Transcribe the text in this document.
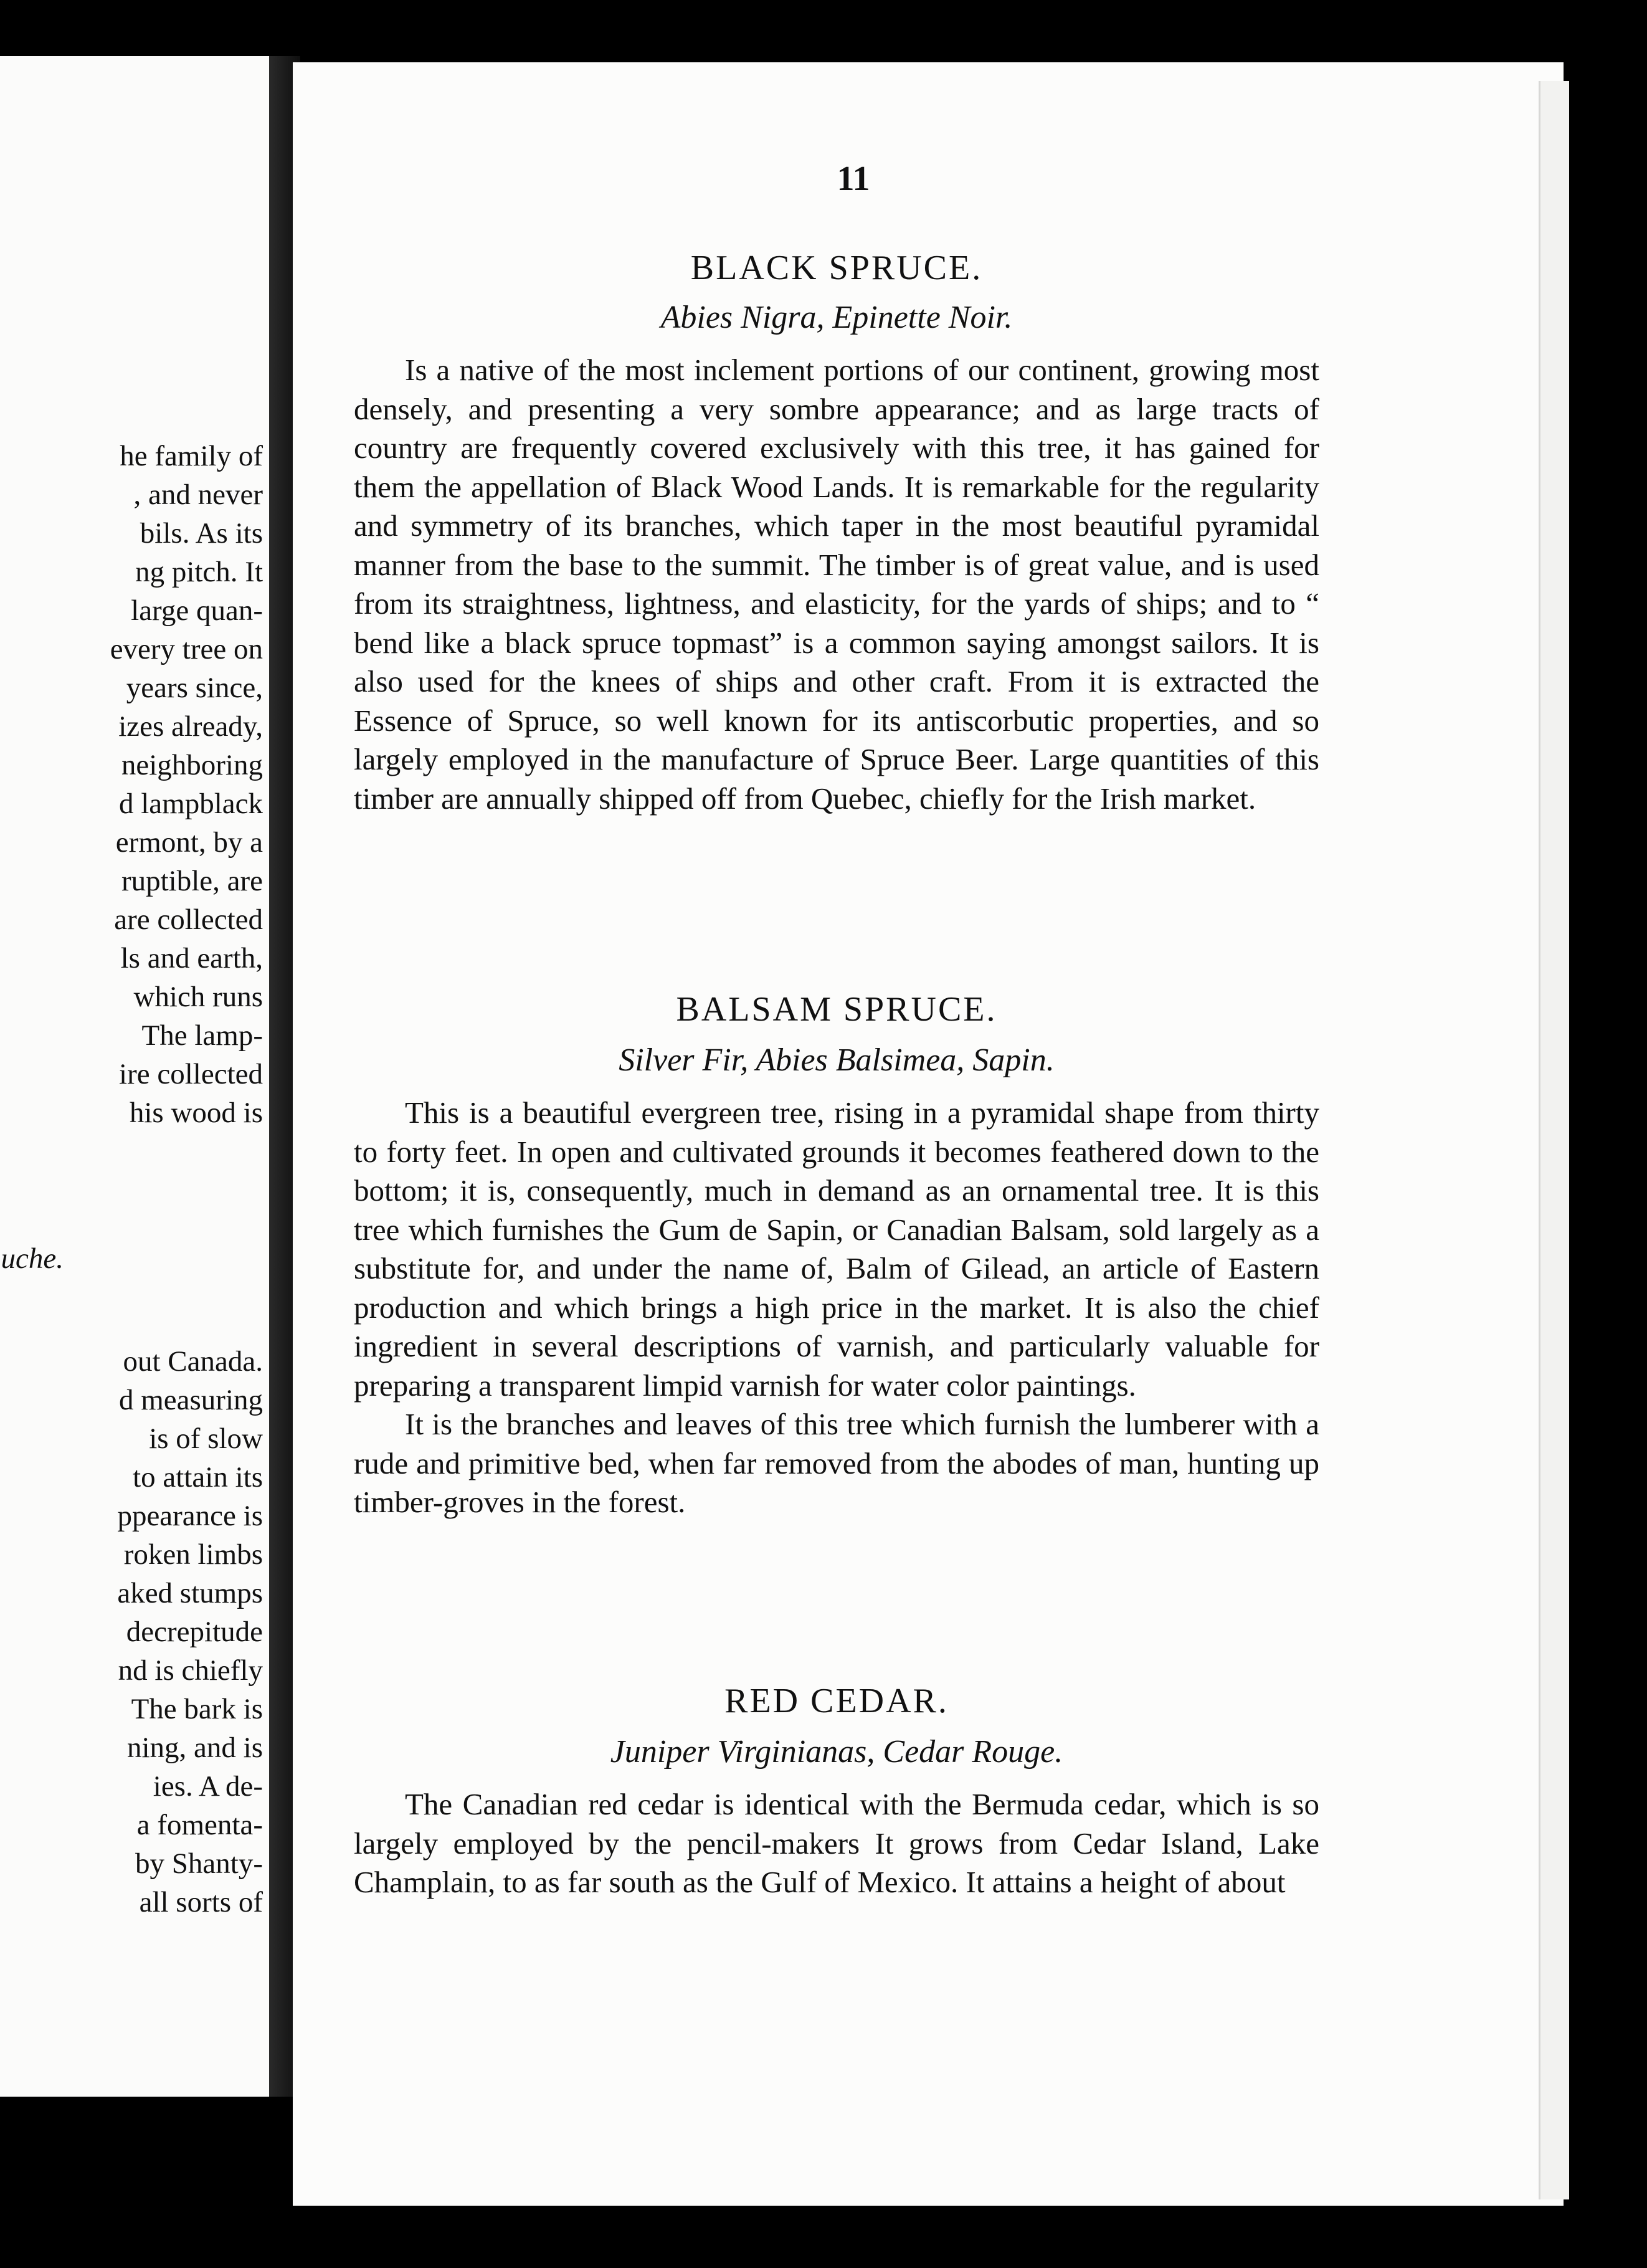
he family of
, and never
bils. As its
ng pitch. It
large quan-
every tree on
years since,
izes already,
neighboring
d lampblack
ermont, by a
ruptible, are
are collected
ls and earth,
which runs
The lamp-
ire collected
his wood is
uche.
out Canada.
d measuring
is of slow
to attain its
ppearance is
roken limbs
aked stumps
decrepitude
nd is chiefly
The bark is
ning, and is
ies. A de-
a fomenta-
by Shanty-
all sorts of
11
BLACK SPRUCE.

Abies Nigra, Epinette Noir.

Is a native of the most inclement portions of our continent, growing most densely, and presenting a very sombre appearance; and as large tracts of country are frequently covered exclusively with this tree, it has gained for them the appellation of Black Wood Lands. It is remarkable for the regularity and symmetry of its branches, which taper in the most beautiful pyramidal manner from the base to the summit. The timber is of great value, and is used from its straightness, lightness, and elasticity, for the yards of ships; and to “ bend like a black spruce topmast” is a common saying amongst sailors. It is also used for the knees of ships and other craft. From it is extracted the Essence of Spruce, so well known for its antiscorbutic properties, and so largely employed in the manufacture of Spruce Beer. Large quantities of this timber are annually shipped off from Quebec, chiefly for the Irish market.

BALSAM SPRUCE.

Silver Fir, Abies Balsimea, Sapin.

This is a beautiful evergreen tree, rising in a pyramidal shape from thirty to forty feet. In open and cultivated grounds it becomes feathered down to the bottom; it is, consequently, much in demand as an ornamental tree. It is this tree which furnishes the Gum de Sapin, or Canadian Balsam, sold largely as a substitute for, and under the name of, Balm of Gilead, an article of Eastern production and which brings a high price in the market. It is also the chief ingredient in several descriptions of varnish, and particularly valuable for preparing a transparent limpid varnish for water color paintings.

It is the branches and leaves of this tree which furnish the lumberer with a rude and primitive bed, when far removed from the abodes of man, hunting up timber-groves in the forest.

RED CEDAR.

Juniper Virginianas, Cedar Rouge.

The Canadian red cedar is identical with the Bermuda cedar, which is so largely employed by the pencil-makers It grows from Cedar Island, Lake Champlain, to as far south as the Gulf of Mexico. It attains a height of about
